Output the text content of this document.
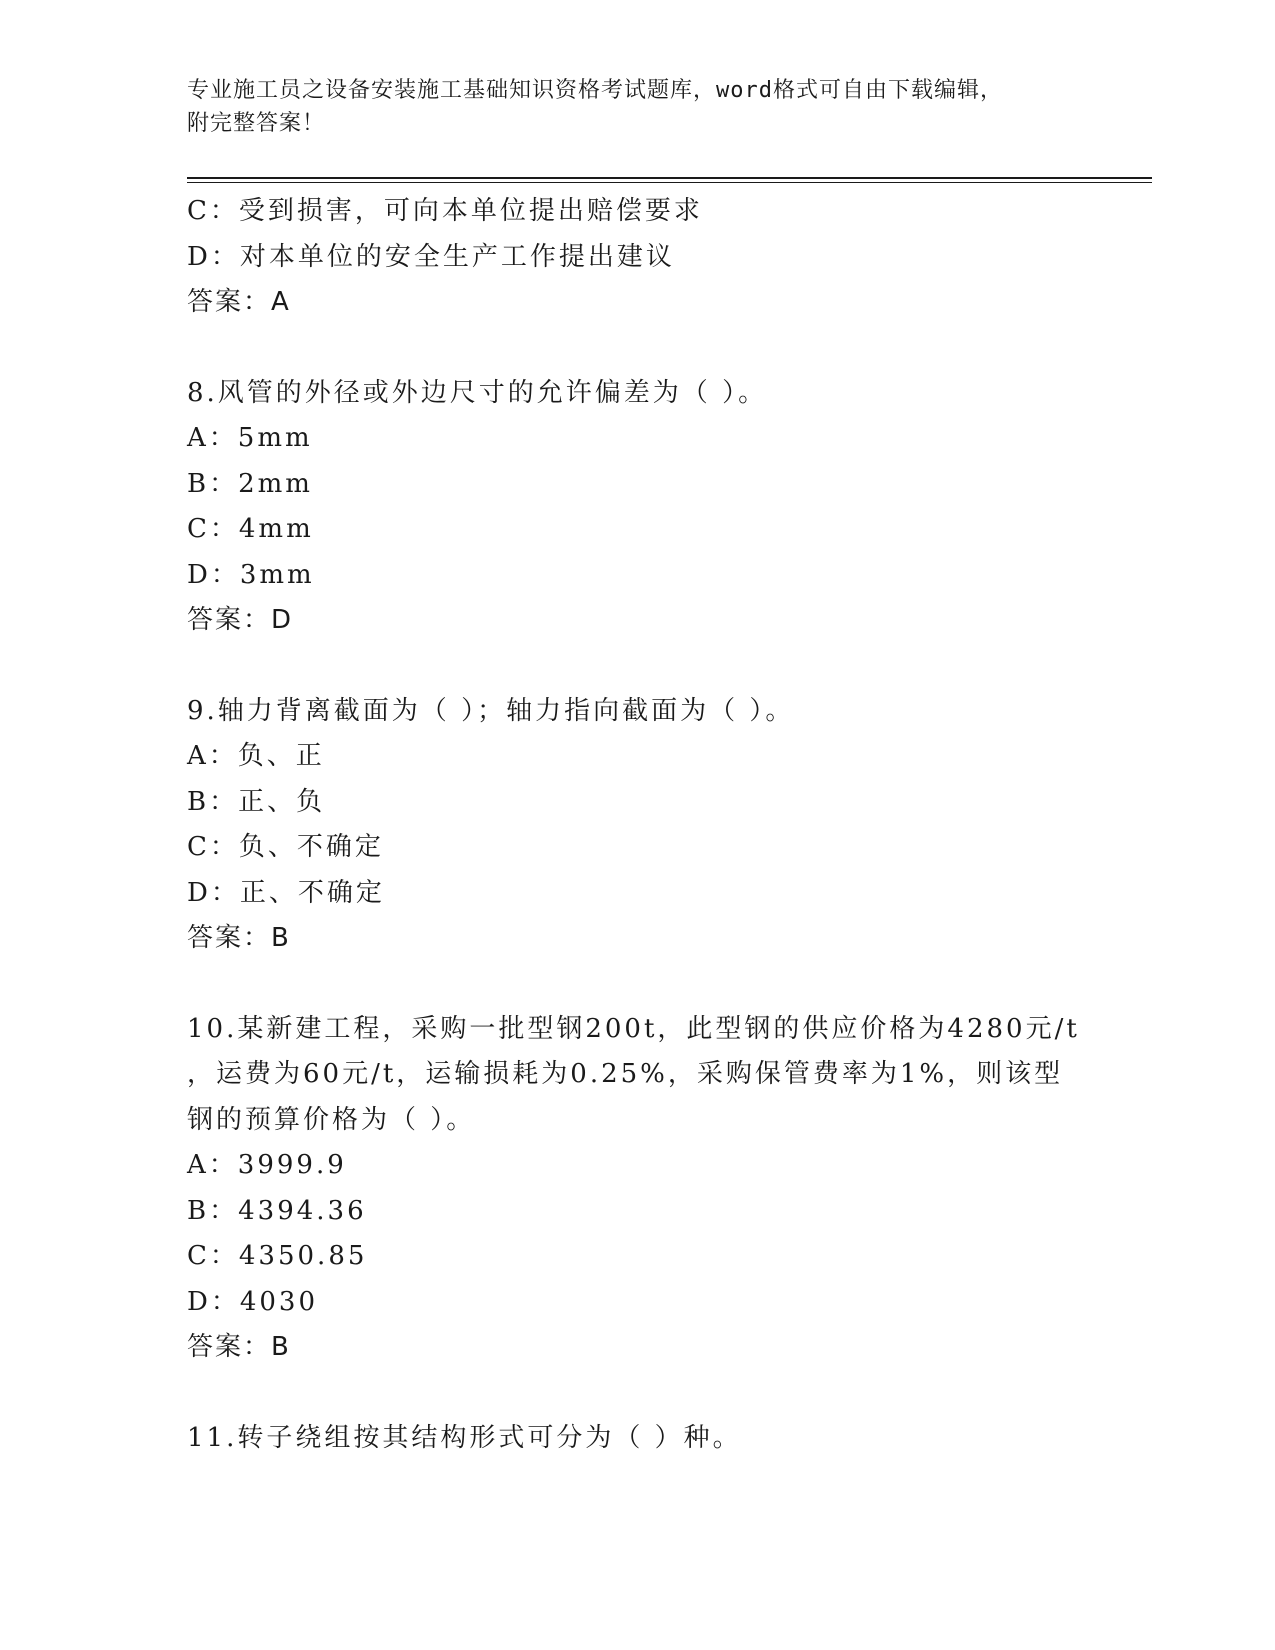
专业施工员之设备安装施工基础知识资格考试题库，word格式可自由下载编辑，
附完整答案！
C：受到损害，可向本单位提出赔偿要求
D：对本单位的安全生产工作提出建议
答案：A
8.风管的外径或外边尺寸的允许偏差为（ ）。
A：5mm
B：2mm
C：4mm
D：3mm
答案：D
9.轴力背离截面为（ ）；轴力指向截面为（ ）。
A：负、正
B：正、负
C：负、不确定
D：正、不确定
答案：B
10.某新建工程，采购一批型钢200t，此型钢的供应价格为4280元/t
，运费为60元/t，运输损耗为0.25%，采购保管费率为1%，则该型
钢的预算价格为（ ）。
A：3999.9
B：4394.36
C：4350.85
D：4030
答案：B
11.转子绕组按其结构形式可分为（ ）种。
